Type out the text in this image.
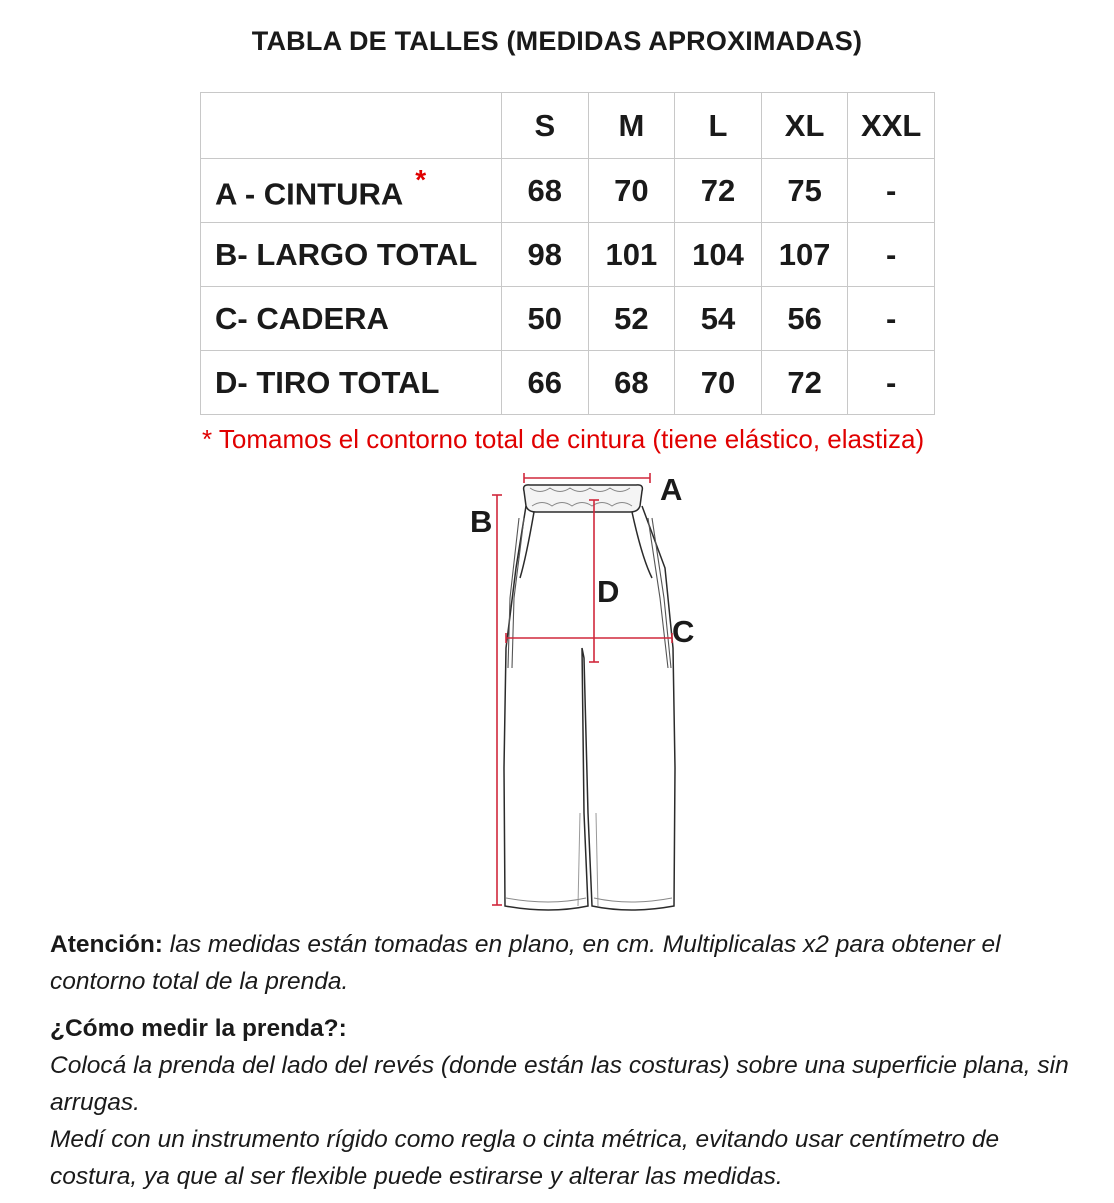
TABLA DE TALLES (MEDIDAS APROXIMADAS)
	S	M	L	XL	XXL
A - CINTURA *	68	70	72	75	-
B- LARGO TOTAL	98	101	104	107	-
C- CADERA	50	52	54	56	-
D- TIRO TOTAL	66	68	70	72	-
* Tomamos el contorno total de cintura (tiene elástico, elastiza)
A
B
C
D

Atención: las medidas están tomadas en plano, en cm. Multiplicalas x2 para obtener el contorno total de la prenda.

¿Cómo medir la prenda?:

Colocá la prenda del lado del revés (donde están las costuras) sobre una superficie plana, sin arrugas.

Medí con un instrumento rígido como regla o cinta métrica, evitando usar centímetro de costura, ya que al ser flexible puede estirarse y alterar las medidas.
